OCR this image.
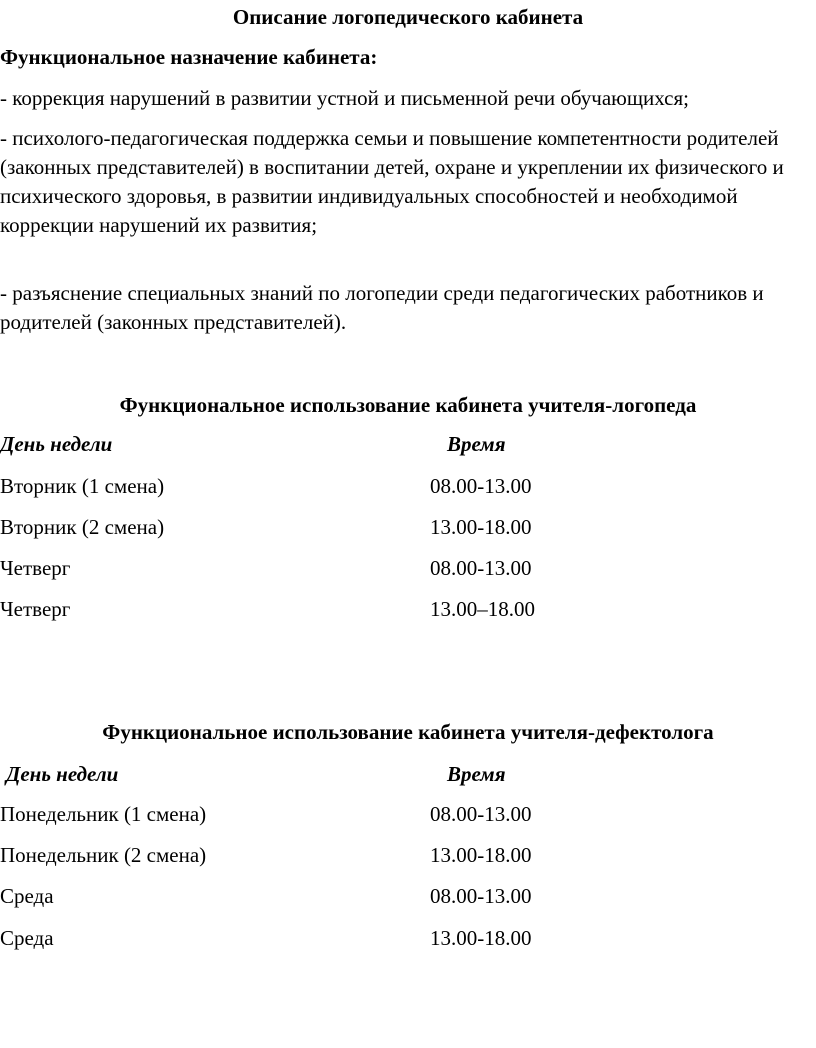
Описание логопедического кабинета
Функциональное назначение кабинета:

- коррекция нарушений в развитии устной и письменной речи обучающихся;

- психолого-педагогическая поддержка семьи и повышение компетентности родителей (законных представителей) в воспитании детей, охране и укреплении их физического и психического здоровья, в развитии индивидуальных способностей и необходимой коррекции нарушений их развития;

- разъяснение специальных знаний по логопедии среди педагогических работников и родителей (законных представителей).

Функциональное использование кабинета учителя-логопеда
День недели	Время
Вторник (1 смена)	08.00-13.00
Вторник (2 смена)	13.00-18.00
Четверг	08.00-13.00
Четверг	13.00–18.00
Функциональное использование кабинета учителя-дефектолога
День недели	Время
Понедельник (1 смена)	08.00-13.00
Понедельник (2 смена)	13.00-18.00
Среда	08.00-13.00
Среда	13.00-18.00
